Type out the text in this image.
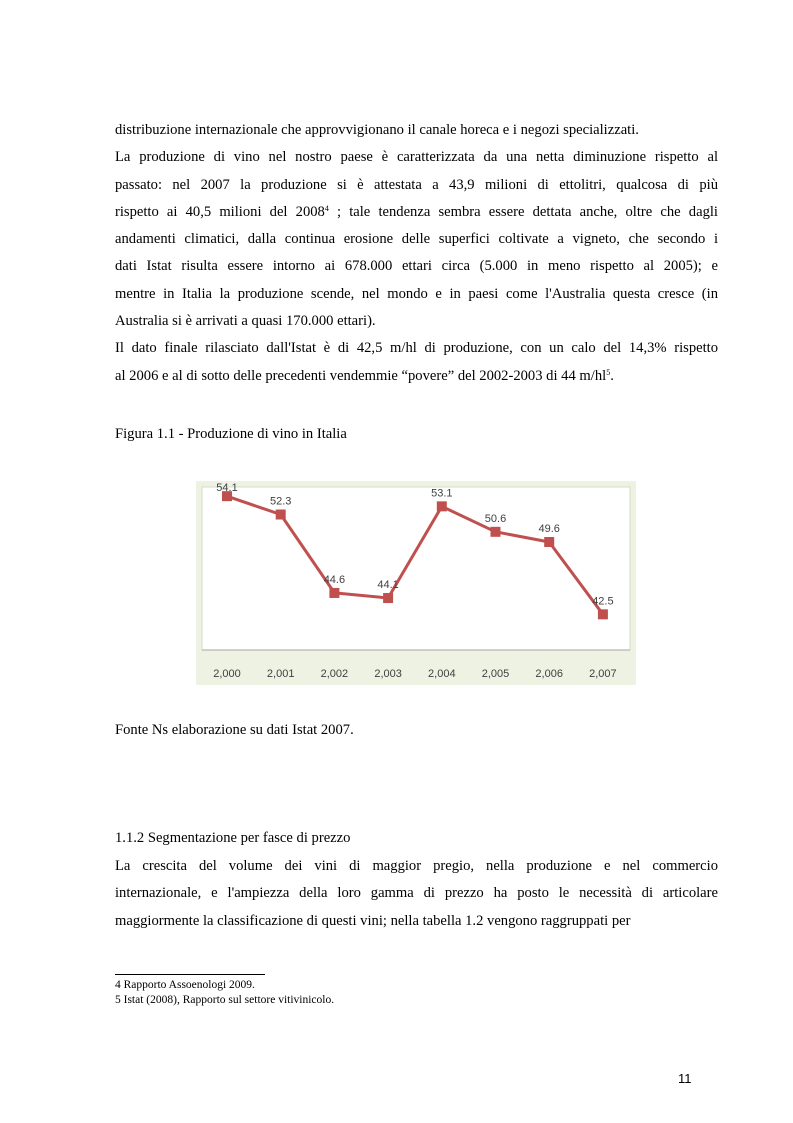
distribuzione internazionale che approvvigionano il canale horeca e i negozi specializzati.
La produzione di vino nel nostro paese è caratterizzata da una netta diminuzione rispetto al
passato: nel 2007 la produzione si è attestata a 43,9 milioni di ettolitri, qualcosa di più
rispetto ai 40,5 milioni del 2008$^4$ ; tale tendenza sembra essere dettata anche, oltre che dagli
andamenti climatici, dalla continua erosione delle superfici coltivate a vigneto, che secondo i
dati Istat risulta essere intorno ai 678.000 ettari circa (5.000 in meno rispetto al 2005); e
mentre in Italia la produzione scende, nel mondo e in paesi come l'Australia questa cresce (in
Australia si è arrivati a quasi 170.000 ettari).
Il dato finale rilasciato dall'Istat è di 42,5 m/hl di produzione, con un calo del 14,3% rispetto
al 2006 e al di sotto delle precedenti vendemmie “povere” del 2002-2003 di 44 $m/hl^5$.
Figura 1.1 - Produzione di vino in Italia
54.1
52.3
44.6	44.1
53.1
50.6
49.6
42.5
2,000 2,001 2,002 2,003 2,004 2,005 2,006 2,007
Fonte Ns elaborazione su dati Istat 2007.
1.1.2 Segmentazione per fasce di prezzo
La crescita del volume dei vini di maggior pregio, nella produzione e nel commercio
internazionale, e l'ampiezza della loro gamma di prezzo ha posto le necessità di articolare
maggiormente la classificazione di questi vini; nella tabella 1.2 vengono raggruppati per
4 Rapporto Assoenologi 2009.
5 Istat (2008), Rapporto sul settore vitivinicolo.
11
